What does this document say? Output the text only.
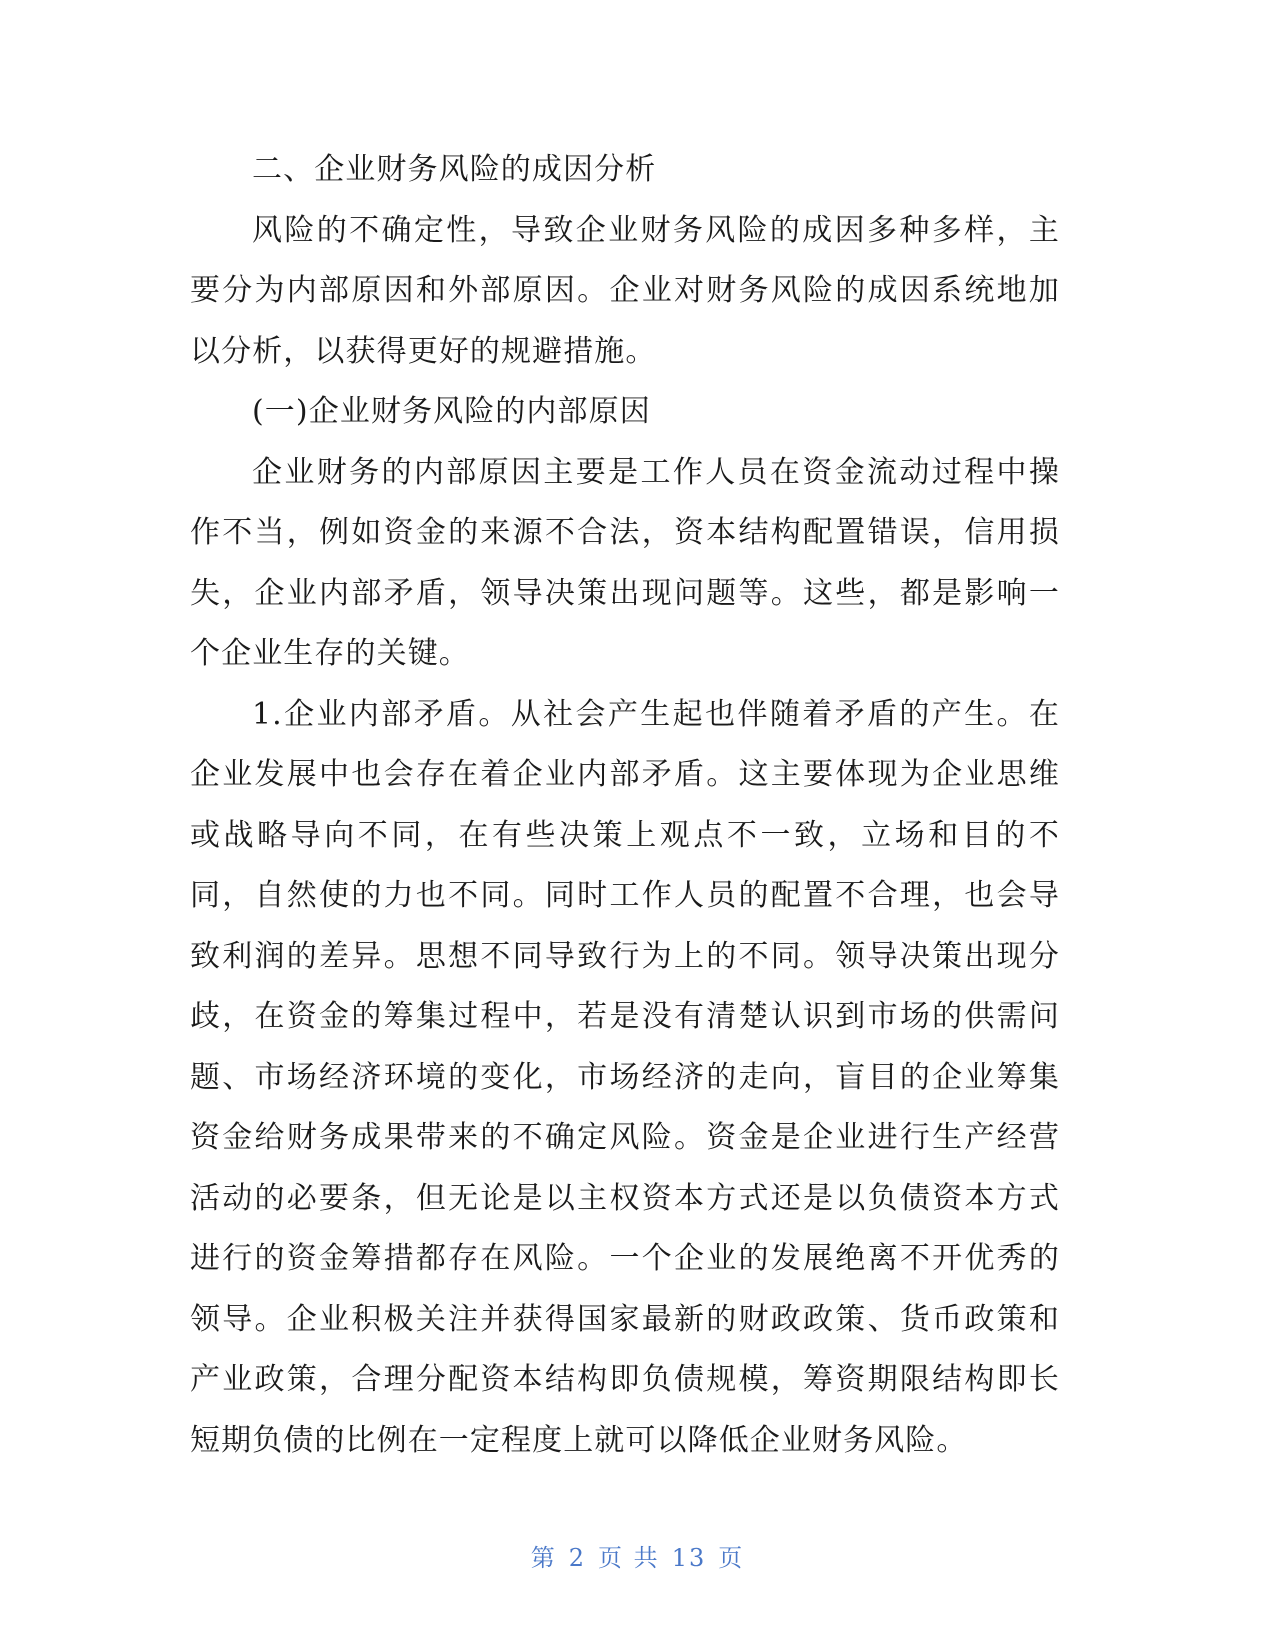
二、企业财务风险的成因分析

风险的不确定性，导致企业财务风险的成因多种多样，主要分为内部原因和外部原因。企业对财务风险的成因系统地加以分析，以获得更好的规避措施。

(一)企业财务风险的内部原因

企业财务的内部原因主要是工作人员在资金流动过程中操作不当，例如资金的来源不合法，资本结构配置错误，信用损失，企业内部矛盾，领导决策出现问题等。这些，都是影响一个企业生存的关键。

1.企业内部矛盾。从社会产生起也伴随着矛盾的产生。在企业发展中也会存在着企业内部矛盾。这主要体现为企业思维或战略导向不同，在有些决策上观点不一致，立场和目的不同，自然使的力也不同。同时工作人员的配置不合理，也会导致利润的差异。思想不同导致行为上的不同。领导决策出现分歧，在资金的筹集过程中，若是没有清楚认识到市场的供需问题、市场经济环境的变化，市场经济的走向，盲目的企业筹集资金给财务成果带来的不确定风险。资金是企业进行生产经营活动的必要条，但无论是以主权资本方式还是以负债资本方式进行的资金筹措都存在风险。一个企业的发展绝离不开优秀的领导。企业积极关注并获得国家最新的财政政策、货币政策和产业政策，合理分配资本结构即负债规模，筹资期限结构即长短期负债的比例在一定程度上就可以降低企业财务风险。

第 2 页 共 13 页
